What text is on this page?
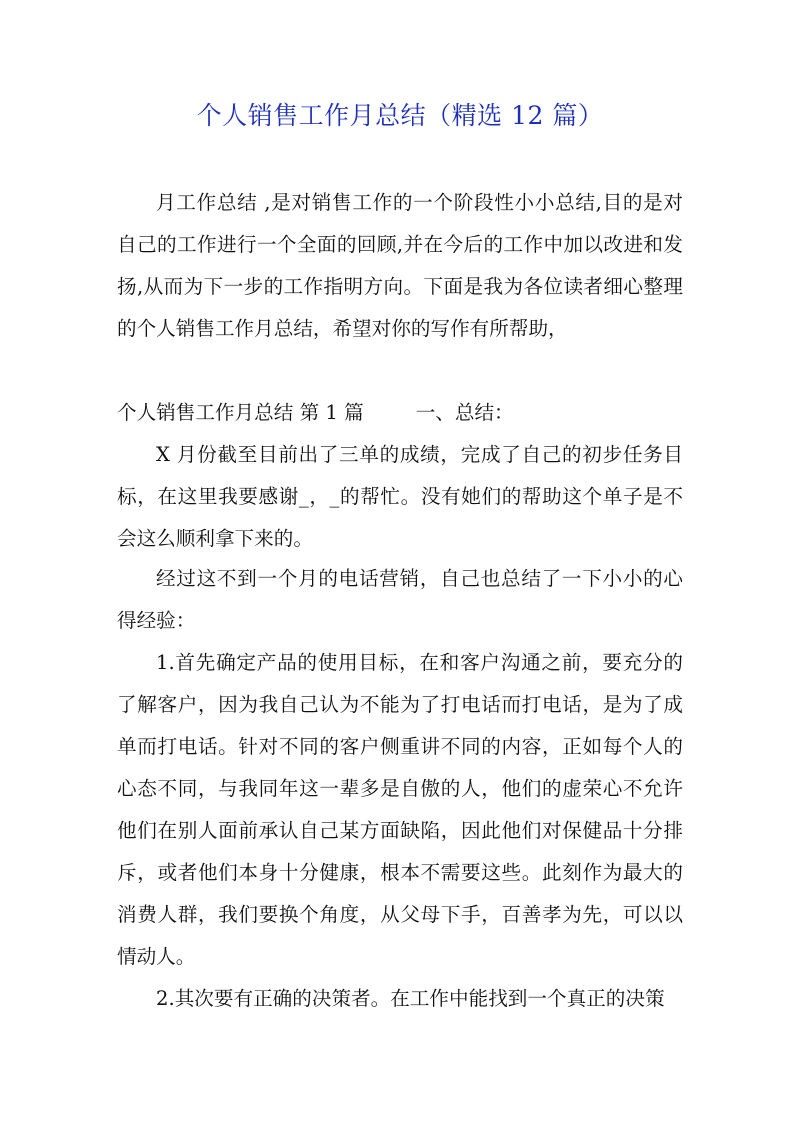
个人销售工作月总结（精选 12 篇）

月工作总结 ,是对销售工作的一个阶段性小小总结,目的是对自己的工作进行一个全面的回顾,并在今后的工作中加以改进和发扬,从而为下一步的工作指明方向。下面是我为各位读者细心整理的个人销售工作月总结，希望对你的写作有所帮助，

个人销售工作月总结 第 1 篇	一、总结：

X 月份截至目前出了三单的成绩，完成了自己的初步任务目标，在这里我要感谢_，_的帮忙。没有她们的帮助这个单子是不会这么顺利拿下来的。

经过这不到一个月的电话营销，自己也总结了一下小小的心得经验：

1.首先确定产品的使用目标，在和客户沟通之前，要充分的了解客户，因为我自己认为不能为了打电话而打电话，是为了成单而打电话。针对不同的客户侧重讲不同的内容，正如每个人的心态不同，与我同年这一辈多是自傲的人，他们的虚荣心不允许他们在别人面前承认自己某方面缺陷，因此他们对保健品十分排斥，或者他们本身十分健康，根本不需要这些。此刻作为最大的消费人群，我们要换个角度，从父母下手，百善孝为先，可以以情动人。

2.其次要有正确的决策者。在工作中能找到一个真正的决策
